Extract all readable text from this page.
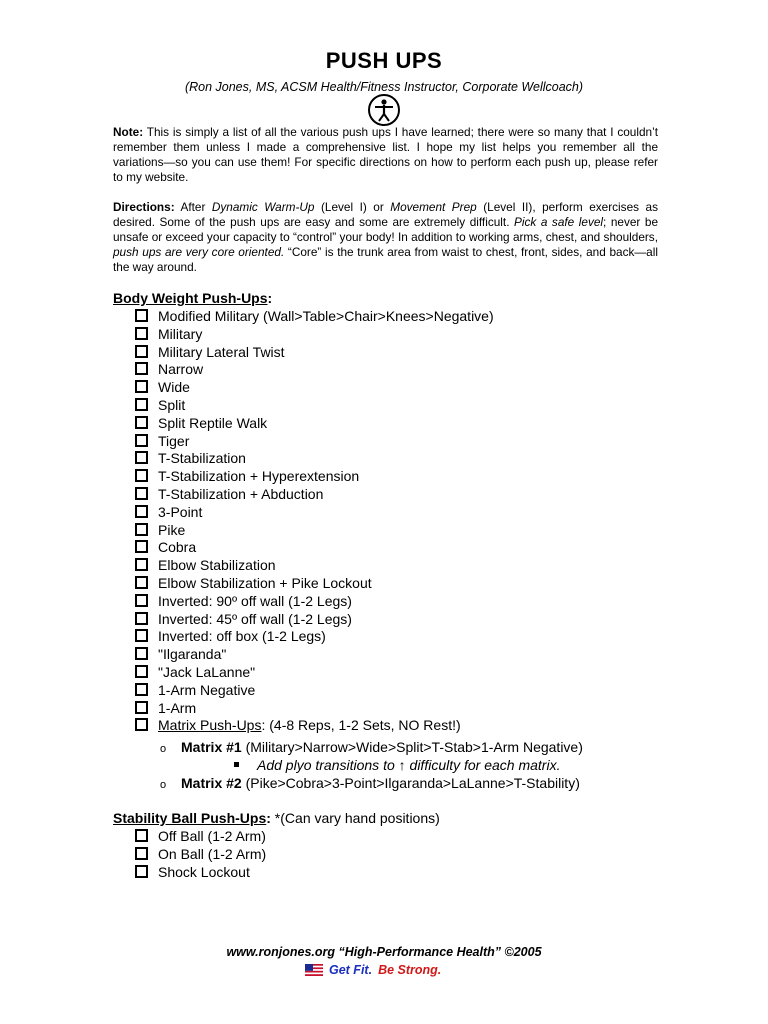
PUSH UPS
(Ron Jones, MS, ACSM Health/Fitness Instructor, Corporate Wellcoach)
Note: This is simply a list of all the various push ups I have learned; there were so many that I couldn’t remember them unless I made a comprehensive list. I hope my list helps you remember all the variations—so you can use them! For specific directions on how to perform each push up, please refer to my website.
Directions: After Dynamic Warm-Up (Level I) or Movement Prep (Level II), perform exercises as desired. Some of the push ups are easy and some are extremely difficult. Pick a safe level; never be unsafe or exceed your capacity to “control” your body! In addition to working arms, chest, and shoulders, push ups are very core oriented. “Core” is the trunk area from waist to chest, front, sides, and back—all the way around.
Body Weight Push-Ups:
Modified Military (Wall>Table>Chair>Knees>Negative)
Military
Military Lateral Twist
Narrow
Wide
Split
Split Reptile Walk
Tiger
T-Stabilization
T-Stabilization + Hyperextension
T-Stabilization + Abduction
3-Point
Pike
Cobra
Elbow Stabilization
Elbow Stabilization + Pike Lockout
Inverted: 90º off wall (1-2 Legs)
Inverted: 45º off wall (1-2 Legs)
Inverted: off box (1-2 Legs)
"Ilgaranda"
"Jack LaLanne"
1-Arm Negative
1-Arm
Matrix Push-Ups: (4-8 Reps, 1-2 Sets, NO Rest!)
o Matrix #1 (Military>Narrow>Wide>Split>T-Stab>1-Arm Negative)
Add plyo transitions to ↑ difficulty for each matrix.
o Matrix #2 (Pike>Cobra>3-Point>Ilgaranda>LaLanne>T-Stability)
Stability Ball Push-Ups: *(Can vary hand positions)
Off Ball (1-2 Arm)
On Ball (1-2 Arm)
Shock Lockout
www.ronjones.org “High-Performance Health” ©2005
Get Fit. Be Strong.
